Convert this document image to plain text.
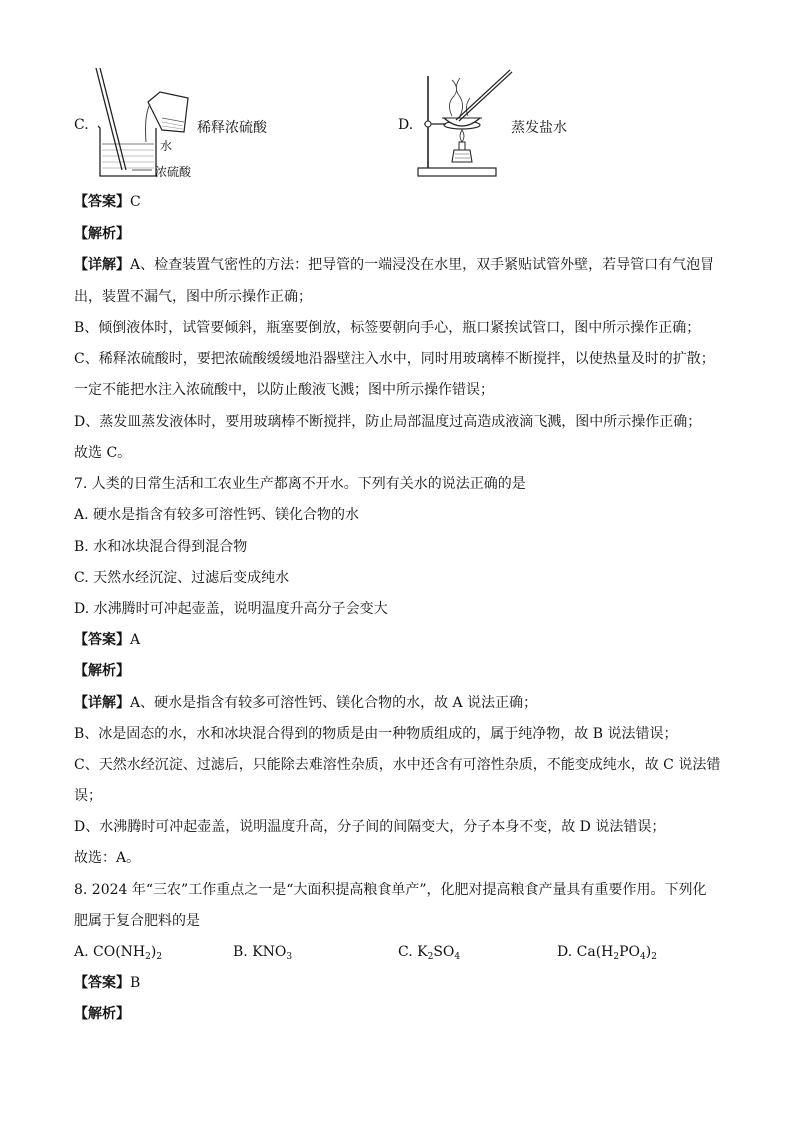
C.	稀释浓硫酸
水
浓硫酸
D.	蒸发盐水
【答案】C
【解析】
【详解】A、检查装置气密性的方法：把导管的一端浸没在水里，双手紧贴试管外壁，若导管口有气泡冒
出，装置不漏气，图中所示操作正确；
B、倾倒液体时，试管要倾斜，瓶塞要倒放，标签要朝向手心，瓶口紧挨试管口，图中所示操作正确；
C、稀释浓硫酸时，要把浓硫酸缓缓地沿器壁注入水中，同时用玻璃棒不断搅拌，以使热量及时的扩散；
一定不能把水注入浓硫酸中，以防止酸液飞溅；图中所示操作错误；
D、蒸发皿蒸发液体时，要用玻璃棒不断搅拌，防止局部温度过高造成液滴飞溅，图中所示操作正确；
故选 C。
7. 人类的日常生活和工农业生产都离不开水。下列有关水的说法正确的是
A. 硬水是指含有较多可溶性钙、镁化合物的水
B. 水和冰块混合得到混合物
C. 天然水经沉淀、过滤后变成纯水
D. 水沸腾时可冲起壶盖，说明温度升高分子会变大
【答案】A
【解析】
【详解】A、硬水是指含有较多可溶性钙、镁化合物的水，故 A 说法正确；
B、冰是固态的水，水和冰块混合得到的物质是由一种物质组成的，属于纯净物，故 B 说法错误；
C、天然水经沉淀、过滤后，只能除去难溶性杂质，水中还含有可溶性杂质，不能变成纯水，故 C 说法错
误；
D、水沸腾时可冲起壶盖，说明温度升高，分子间的间隔变大，分子本身不变，故 D 说法错误；
故选：A。
8. 2024 年“三农”工作重点之一是“大面积提高粮食单产”，化肥对提高粮食产量具有重要作用。下列化
肥属于复合肥料的是
A. $CO(NH_2)_2$	B. $KNO_3$	C. $K_2SO_4$	D. $Ca(H_2PO_4)_2$
【答案】B
【解析】
